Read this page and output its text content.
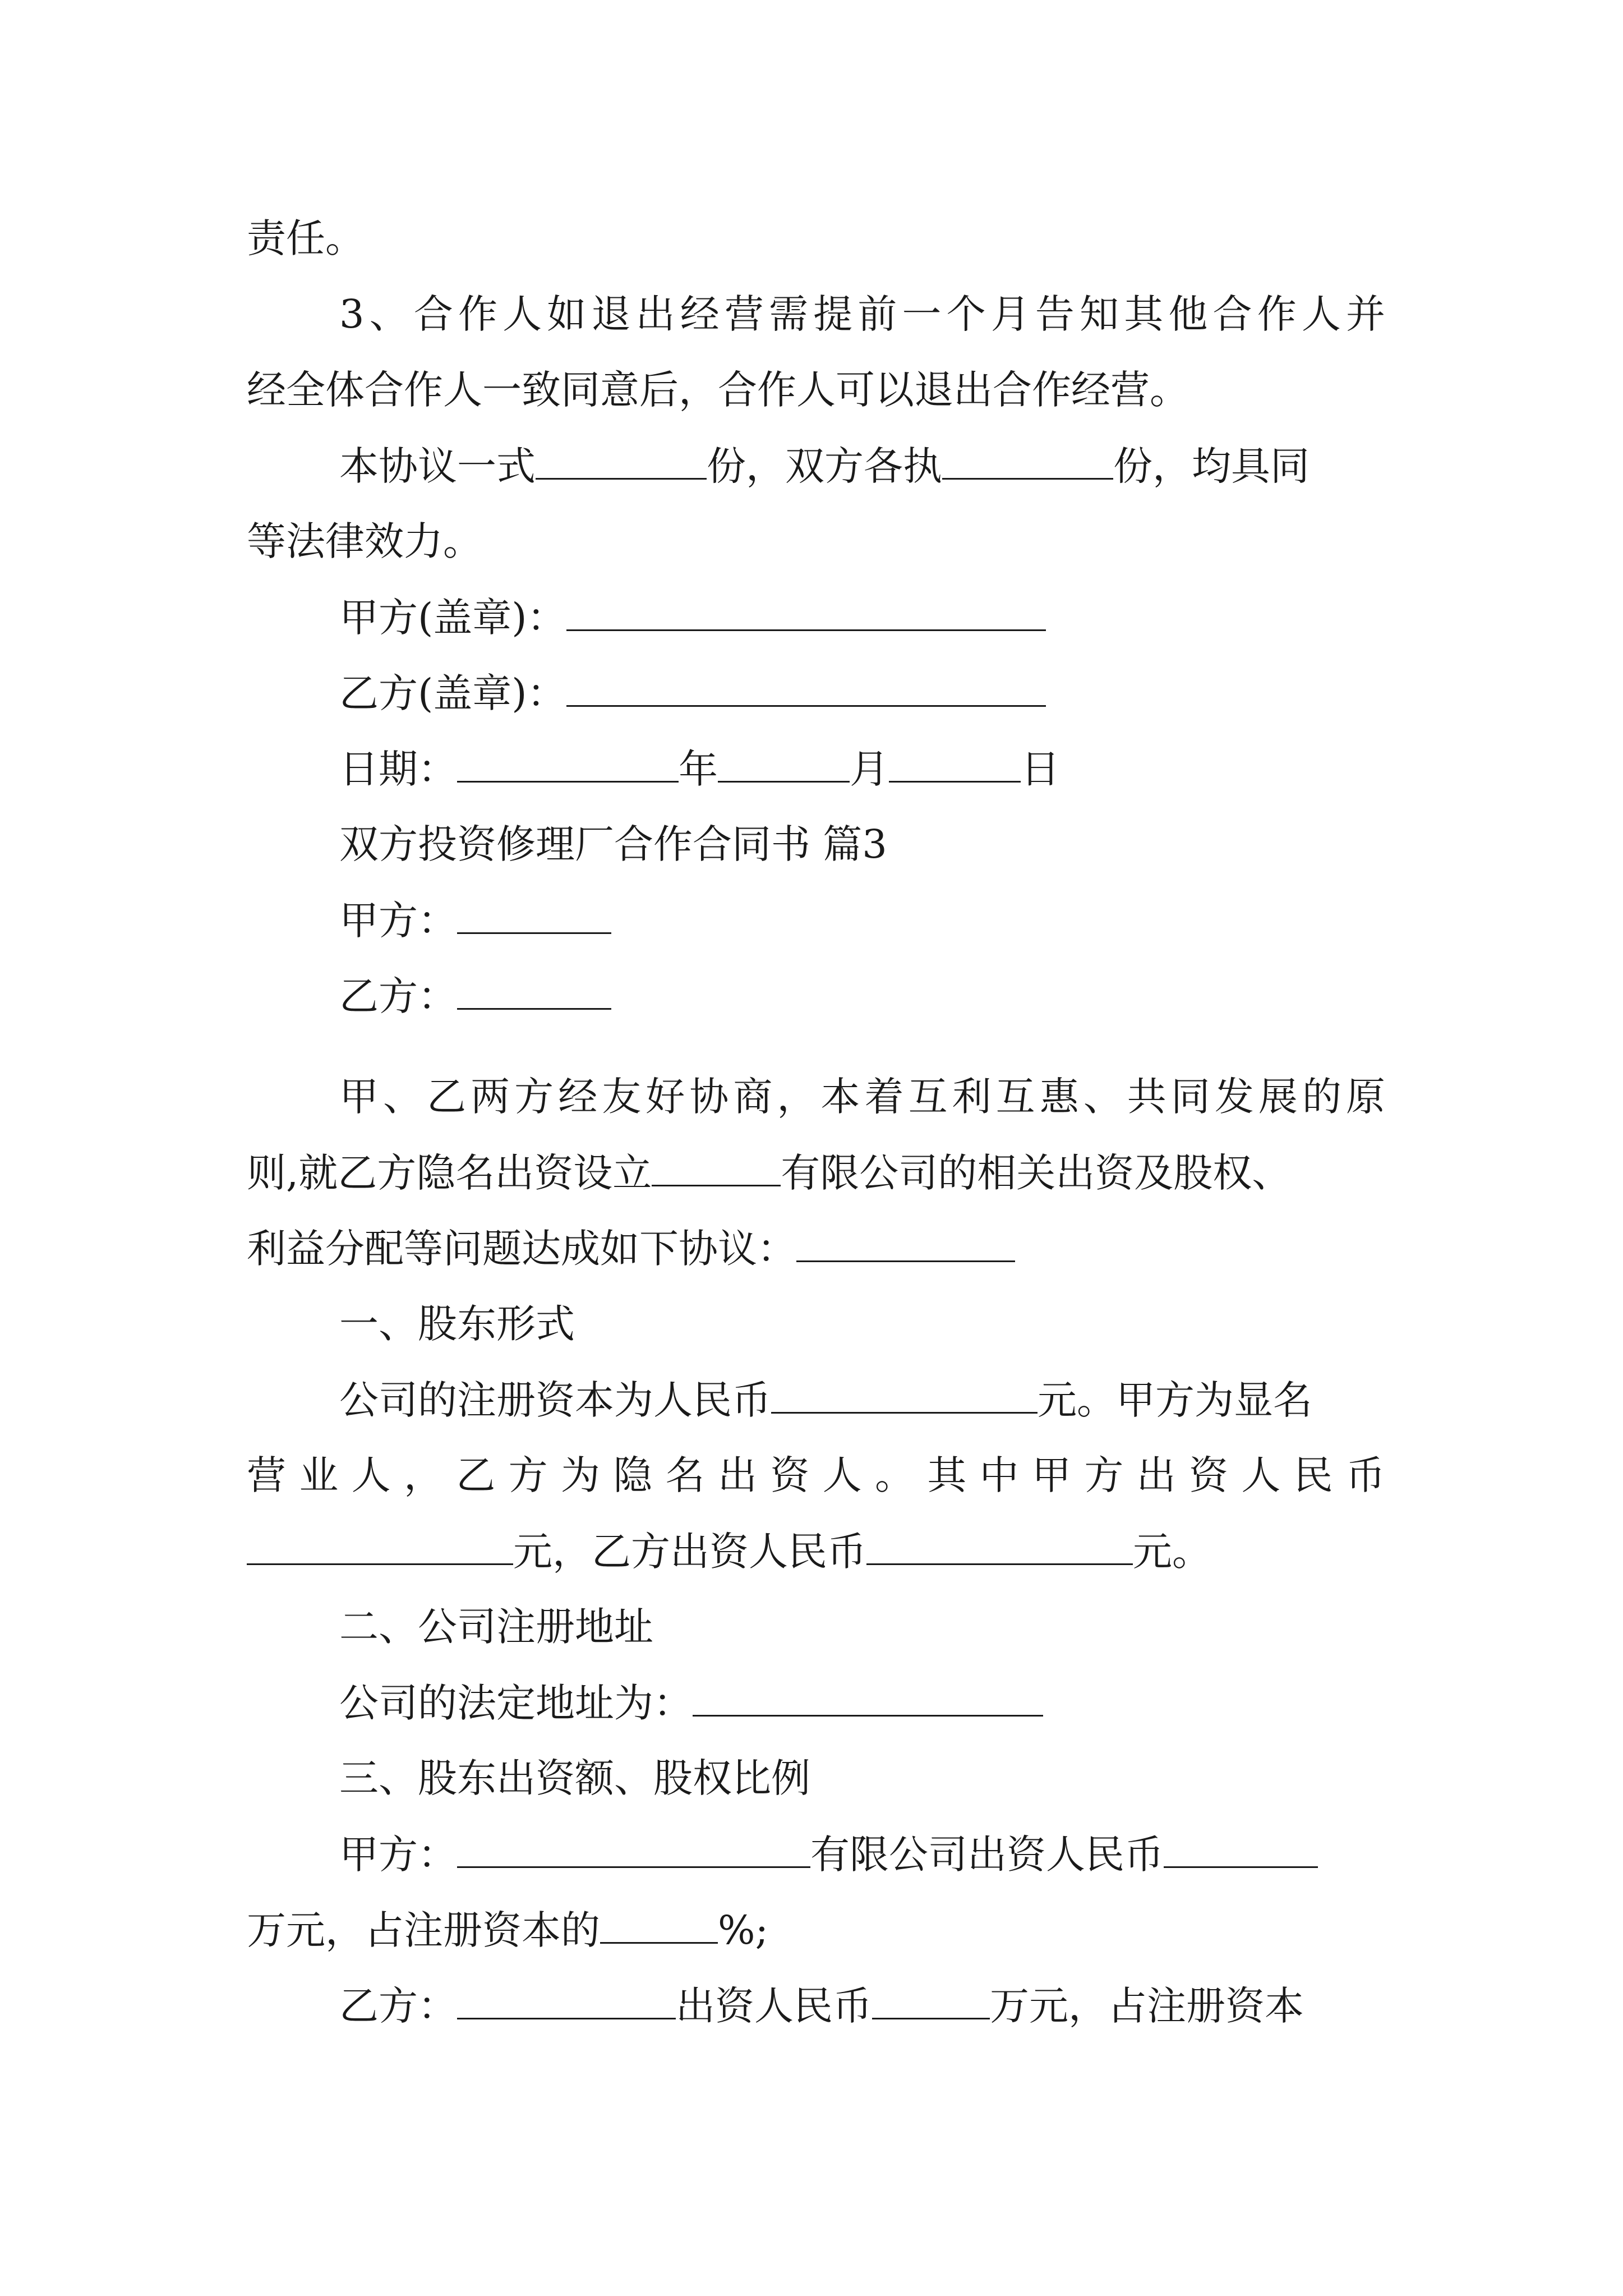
责任。
3、合作人如退出经营需提前一个月告知其他合作人并
经全体合作人一致同意后，合作人可以退出合作经营。
本协议一式	份，双方各执	份，均具同
等法律效力。
甲方(盖章)：
乙方(盖章)：
日期：	年	月	日
双方投资修理厂合作合同书 篇3
甲方：
乙方：
甲、乙两方经友好协商，本着互利互惠、共同发展的原
则,就乙方隐名出资设立	有限公司的相关出资及股权、
利益分配等问题达成如下协议：
一、股东形式
公司的注册资本为人民币	元。甲方为显名
营业人，乙方为隐名出资人。其中甲方出资人民币
元，乙方出资人民币	元。
二、公司注册地址
公司的法定地址为：
三、股东出资额、股权比例
甲方：	有限公司出资人民币
万元，占注册资本的	%;
乙方：	出资人民币	万元，占注册资本
